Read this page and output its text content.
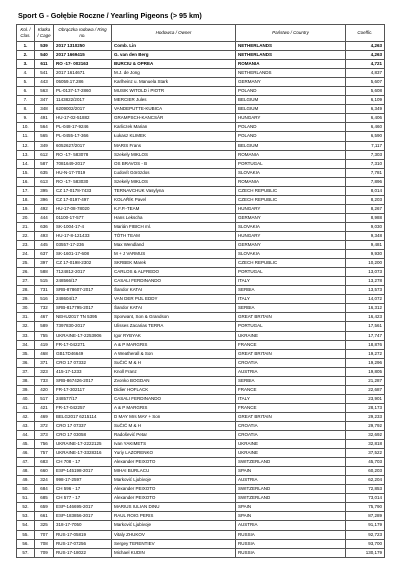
Sport G - Gołębie Roczne / Yearling Pigeons (> 95 km)
Kol. / Clas.	Klatka / Cage	Obrączka rodowa / Ring no.	Hodowca / Owner	Państwo / Country	Coeffic.
1.	539	2017 1310250	Comb. Lin	NETHERLANDS	4,263
2.	540	2017 1669415	G. van den Berg	NETHERLANDS	4,263
3.	611	RO -17- 002163	BURCIU & OPREA	ROMANIA	4,721
4.	541	2017 1614671	M.J. de Jong	NETHERLANDS	4,837
5.	443	05059.17.286	Karlheinz u. Manuela Stark	GERMANY	5,607
6.	563	PL-0137-17-2860	MUSIK WITOLD i PIOTR	POLAND	5,608
7.	347	1143822/2017	MERCIER Jules	BELGIUM	6,109
8.	348	6209002/2017	VANDEPUTTE-KUBICA	BELGIUM	6,349
9.	491	HU-17-02-51882	GRAMPSCH-KANCSÁR	HUNGARY	6,406
10.	564	PL-048-17-9246	Karliczek Marian	POLAND	6,460
11.	565	PL-0455-17-366	Łukasz KLIMEK	POLAND	6,590
12.	349	6052627/2017	MARIS Frans	BELGIUM	7,117
13.	612	RO -17- 583078	Szekely MIKLOS	ROMANIA	7,303
14.	587	7081649-2017	OS BRAVOS - B	PORTUGAL	7,310
15.	635	HU-N-17-7019	Ľudovít Görözdos	SLOVAKIA	7,781
16.	613	RO -17- 583030	Szekely MIKLOS	ROMANIA	7,896
17.	395	CZ 17-0178-7433	TERNAVCHUK Vasylyna	CZECH REPUBLIC	8,014
18.	396	CZ 17-0197-497	KOLAŘÍK Pavel	CZECH REPUBLIC	8,203
19.	492	HU-17-08-78020	K.F.P.-TEAM	HUNGARY	8,267
20.	444	01100-17-577	Hans Lekscha	GERMANY	8,988
21.	636	SK-1004-17-4	Marián FIBICH ml.	SLOVAKIA	9,030
22.	493	HU-17-8-121433	TÓTH TEAM	HUNGARY	9,348
23.	445	03557-17-236	Max Wendland	GERMANY	9,481
24.	637	SK-1601-17-608	M + J VARMUS	SLOVAKIA	9,930
25.	397	CZ 17-0198-2302	SKRBEK Marek	CZECH REPUBLIC	10,200
26.	588	7124812-2017	CARLOS & ALFREDO	PORTUGAL	13,073
27.	515	248566/17	CASALI FERDINANDO	ITALY	13,278
28.	731	SRB-878607-2017	Šandor KATAI	SERBIA	13,573
29.	516	248604/17	VAN DER PIJL EDDY	ITALY	14,072
30.	732	SRB-817795-2017	Šandor KATAI	SERBIA	16,312
31.	467	NEHU2017 TN 5395	Sporwant, Son & Grandson	GREAT BRITAIN	16,423
32.	589	7397830-2017	Ulisses Zacarias TERRA	PORTUGAL	17,561
33.	755	UKRAINE-17-2253906	Igor RYBYAK	UKRAINE	17,747
34.	419	FR-17-042271	A & P MARGRIS	FRANCE	18,876
35.	468	GB17D46649	A Weatherall & Son	GREAT BRITAIN	19,272
36.	371	CRO 17 07332	SuČIĆ M & H	CROATIA	19,296
37.	323	415-17-1233	Knoll Franz	AUSTRIA	19,805
38.	733	SRB-867426-2017	Zvonko BOGDAN	SERBIA	21,287
39.	420	FR-17-302117	Didier HOFLACK	FRANCE	22,687
40.	517	248577/17	CASALI FERDINANDO	ITALY	23,901
41.	421	FR-17-042257	A & P MARGRIS	FRANCE	28,173
42.	469	BELG2017 6215114	D MAY Mrs MAY + Son	GREAT BRITAIN	29,233
43.	372	CRO 17 07337	SuČIĆ M & H	CROATIA	29,792
44.	373	CRO 17 03058	Radošević Petar	CROATIA	32,692
45.	756	UKRAINE-17-2222125	Ivan YAKIMETS	UKRAINE	32,818
46.	757	UKRAINE-17-3328316	Yuriy LAZORENKO	UKRAINE	37,522
47.	683	CH 708 - 17	Alexander PEIXOTO	SWITZERLAND	45,703
48.	660	ESP-145198-2017	MIHAI BURLACU	SPAIN	60,203
49.	324	998-17-2597	Marković Ljubivoje	AUSTRIA	62,204
50.	684	CH 596 - 17	Alexander PEIXOTO	SWITZERLAND	72,853
51.	685	CH 577 - 17	Alexander PEIXOTO	SWITZERLAND	73,014
52.	659	ESP-146695-2017	MARIUS IULIAN DINU	SPAIN	75,790
53.	661	ESP-183856-2017	RAUL ROIG PERIS	SPAIN	87,289
54.	325	318-17-7050	Marković Ljubivoje	AUSTRIA	91,179
55.	707	RUS-17-05819	Vitaly ZHUKOV	RUSSIA	92,723
56.	708	RUS-17-07256	Sergey TERENTIEV	RUSSIA	93,700
57.	709	RUS-17-18022	Michael KUDIN	RUSSIA	130,179
